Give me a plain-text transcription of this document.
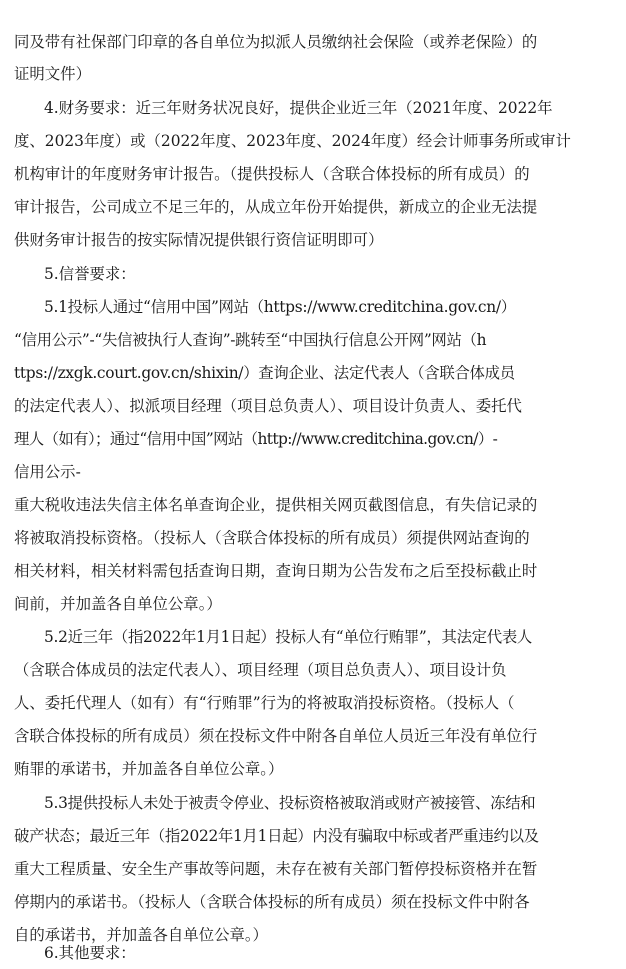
同及带有社保部门印章的各自单位为拟派人员缴纳社会保险（或养老保险）的
证明文件）
4.财务要求：近三年财务状况良好，提供企业近三年（2021年度、2022年
度、2023年度）或（2022年度、2023年度、2024年度）经会计师事务所或审计
机构审计的年度财务审计报告。（提供投标人（含联合体投标的所有成员）的
审计报告，公司成立不足三年的，从成立年份开始提供，新成立的企业无法提
供财务审计报告的按实际情况提供银行资信证明即可）
5.信誉要求：
5.1投标人通过“信用中国”网站（https://www.creditchina.gov.cn/）
“信用公示”-“失信被执行人查询”-跳转至“中国执行信息公开网”网站（h
ttps://zxgk.court.gov.cn/shixin/）查询企业、法定代表人（含联合体成员
的法定代表人）、拟派项目经理（项目总负责人）、项目设计负责人、委托代
理人（如有）；通过“信用中国”网站（http://www.creditchina.gov.cn/）-
信用公示-
重大税收违法失信主体名单查询企业，提供相关网页截图信息，有失信记录的
将被取消投标资格。（投标人（含联合体投标的所有成员）须提供网站查询的
相关材料，相关材料需包括查询日期，查询日期为公告发布之后至投标截止时
间前，并加盖各自单位公章。）
5.2近三年（指2022年1月1日起）投标人有“单位行贿罪”，其法定代表人
（含联合体成员的法定代表人）、项目经理（项目总负责人）、项目设计负
人、委托代理人（如有）有“行贿罪”行为的将被取消投标资格。（投标人（
含联合体投标的所有成员）须在投标文件中附各自单位人员近三年没有单位行
贿罪的承诺书，并加盖各自单位公章。）
5.3提供投标人未处于被责令停业、投标资格被取消或财产被接管、冻结和
破产状态；最近三年（指2022年1月1日起）内没有骗取中标或者严重违约以及
重大工程质量、安全生产事故等问题，未存在被有关部门暂停投标资格并在暂
停期内的承诺书。（投标人（含联合体投标的所有成员）须在投标文件中附各
自的承诺书，并加盖各自单位公章。）
6.其他要求：
